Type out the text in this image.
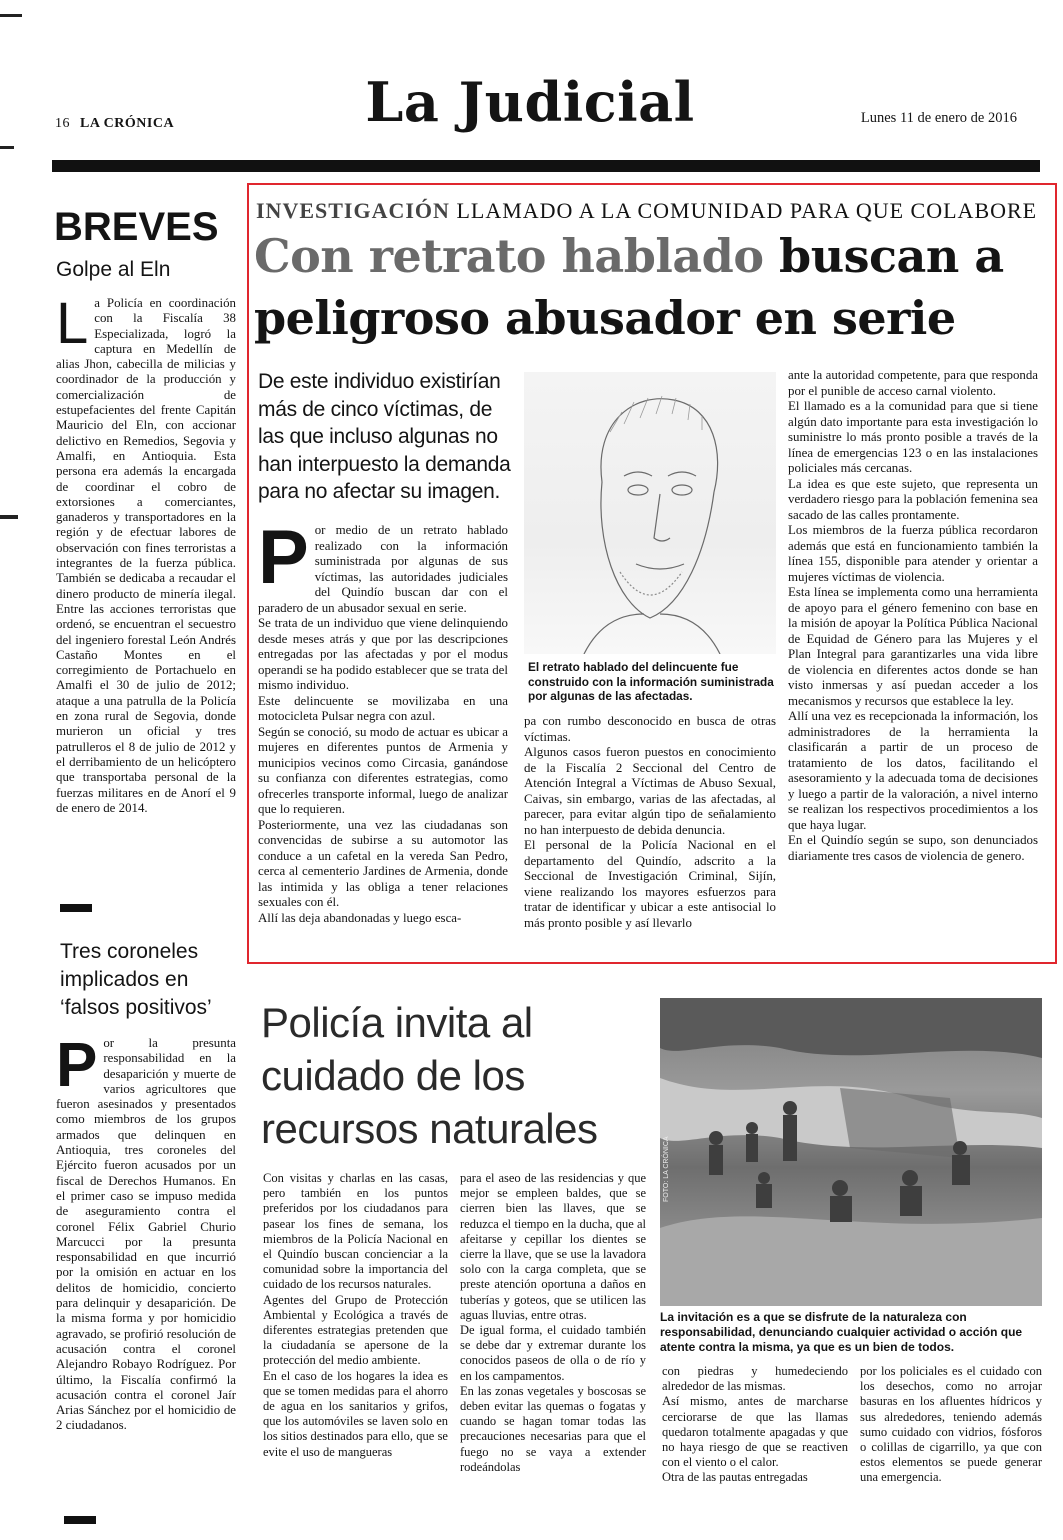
16 LA CRÓNICA	La Judicial	Lunes 11 de enero de 2016
BREVES
Golpe al Eln
La Policía en coordinación con la Fiscalía 38 Especializada, logró la captura en Medellín de alias Jhon, cabecilla de milicias y coordinador de la producción y comercialización de estupefacientes del frente Capitán Mauricio del Eln, con accionar delictivo en Remedios, Segovia y Amalfi, en Antioquia. Esta persona era además la encargada de coordinar el cobro de extorsiones a comerciantes, ganaderos y transportadores en la región y de efectuar labores de observación con fines terroristas a integrantes de la fuerza pública. También se dedicaba a recaudar el dinero producto de minería ilegal. Entre las acciones terroristas que ordenó, se encuentran el secuestro del ingeniero forestal León Andrés Castaño Montes en el corregimiento de Portachuelo en Amalfi el 30 de julio de 2012; ataque a una patrulla de la Policía en zona rural de Segovia, donde murieron un oficial y tres patrulleros el 8 de julio de 2012 y el derribamiento de un helicóptero que transportaba personal de la fuerzas militares en de Anorí el 9 de enero de 2014.
Tres coroneles implicados en ‘falsos positivos’
Por la presunta responsabilidad en la desaparición y muerte de varios agricultores que fueron asesinados y presentados como miembros de los grupos armados que delinquen en Antioquia, tres coroneles del Ejército fueron acusados por un fiscal de Derechos Humanos. En el primer caso se impuso medida de aseguramiento contra el coronel Félix Gabriel Churio Marcucci por la presunta responsabilidad en que incurrió por la omisión en actuar en los delitos de homicidio, concierto para delinquir y desaparición. De la misma forma y por homicidio agravado, se profirió resolución de acusación contra el coronel Alejandro Robayo Rodríguez. Por último, la Fiscalía confirmó la acusación contra el coronel Jaír Arias Sánchez por el homicidio de 2 ciudadanos.
INVESTIGACIÓN LLAMADO A LA COMUNIDAD PARA QUE COLABORE
Con retrato hablado buscan a peligroso abusador en serie
De este individuo existirían más de cinco víctimas, de las que incluso algunas no han interpuesto la demanda para no afectar su imagen.
Por medio de un retrato hablado realizado con la información suministrada por algunas de sus víctimas, las autoridades judiciales del Quindío buscan dar con el paradero de un abusador sexual en serie.
Se trata de un individuo que viene delinquiendo desde meses atrás y que por las descripciones entregadas por las afectadas y por el modus operandi se ha podido establecer que se trata del mismo individuo.
Este delincuente se movilizaba en una motocicleta Pulsar negra con azul.
Según se conoció, su modo de actuar es ubicar a mujeres en diferentes puntos de Armenia y municipios vecinos como Circasia, ganándose su confianza con diferentes estrategias, como ofrecerles transporte informal, luego de analizar que lo requieren.
Posteriormente, una vez las ciudadanas son convencidas de subirse a su automotor las conduce a un cafetal en la vereda San Pedro, cerca al cementerio Jardines de Armenia, donde las intimida y las obliga a tener relaciones sexuales con él.
Allí las deja abandonadas y luego esca-
El retrato hablado del delincuente fue construido con la información suministrada por algunas de las afectadas.
pa con rumbo desconocido en busca de otras víctimas.
Algunos casos fueron puestos en conocimiento de la Fiscalía 2 Seccional del Centro de Atención Integral a Víctimas de Abuso Sexual, Caivas, sin embargo, varias de las afectadas, al parecer, para evitar algún tipo de señalamiento no han interpuesto de debida denuncia.
El personal de la Policía Nacional en el departamento del Quindío, adscrito a la Seccional de Investigación Criminal, Sijín, viene realizando los mayores esfuerzos para tratar de identificar y ubicar a este antisocial lo más pronto posible y así llevarlo
ante la autoridad competente, para que responda por el punible de acceso carnal violento.
El llamado es a la comunidad para que si tiene algún dato importante para esta investigación lo suministre lo más pronto posible a través de la línea de emergencias 123 o en las instalaciones policiales más cercanas.
La idea es que este sujeto, que representa un verdadero riesgo para la población femenina sea sacado de las calles prontamente.
Los miembros de la fuerza pública recordaron además que está en funcionamiento también la línea 155, disponible para atender y orientar a mujeres víctimas de violencia.
Esta línea se implementa como una herramienta de apoyo para el género femenino con base en la misión de apoyar la Política Pública Nacional de Equidad de Género para las Mujeres y el Plan Integral para garantizarles una vida libre de violencia en diferentes actos donde se han visto inmersas y así puedan acceder a los mecanismos y recursos que establece la ley.
Allí una vez es recepcionada la información, los administradores de la herramienta la clasificarán a partir de un proceso de tratamiento de los datos, facilitando el asesoramiento y la adecuada toma de decisiones y luego a partir de la valoración, a nivel interno se realizan los respectivos procedimientos a los que haya lugar.
En el Quindío según se supo, son denunciados diariamente tres casos de violencia de genero.
Policía invita al cuidado de los recursos naturales
Con visitas y charlas en las casas, pero también en los puntos preferidos por los ciudadanos para pasear los fines de semana, los miembros de la Policía Nacional en el Quindío buscan concienciar a la comunidad sobre la importancia del cuidado de los recursos naturales.
Agentes del Grupo de Protección Ambiental y Ecológica a través de diferentes estrategias pretenden que la ciudadanía se apersone de la protección del medio ambiente.
En el caso de los hogares la idea es que se tomen medidas para el ahorro de agua en los sanitarios y grifos, que los automóviles se laven solo en los sitios destinados para ello, que se evite el uso de mangueras
para el aseo de las residencias y que mejor se empleen baldes, que se cierren bien las llaves, que se reduzca el tiempo en la ducha, que al afeitarse y cepillar los dientes se cierre la llave, que se use la lavadora solo con la carga completa, que se preste atención oportuna a daños en tuberías y goteos, que se utilicen las aguas lluvias, entre otras.
De igual forma, el cuidado también se debe dar y extremar durante los conocidos paseos de olla o de río y en los campamentos.
En las zonas vegetales y boscosas se deben evitar las quemas o fogatas y cuando se hagan tomar todas las precauciones necesarias para que el fuego no se vaya a extender rodeándolas
FOTO: LA CRÓNICA
La invitación es a que se disfrute de la naturaleza con responsabilidad, denunciando cualquier actividad o acción que atente contra la misma, ya que es un bien de todos.
con piedras y humedeciendo alrededor de las mismas.
Así mismo, antes de marcharse cerciorarse de que las llamas quedaron totalmente apagadas y que no haya riesgo de que se reactiven con el viento o el calor.
Otra de las pautas entregadas
por los policiales es el cuidado con los desechos, como no arrojar basuras en los afluentes hídricos y sus alrededores, teniendo además sumo cuidado con vidrios, fósforos o colillas de cigarrillo, ya que con estos elementos se puede generar una emergencia.
